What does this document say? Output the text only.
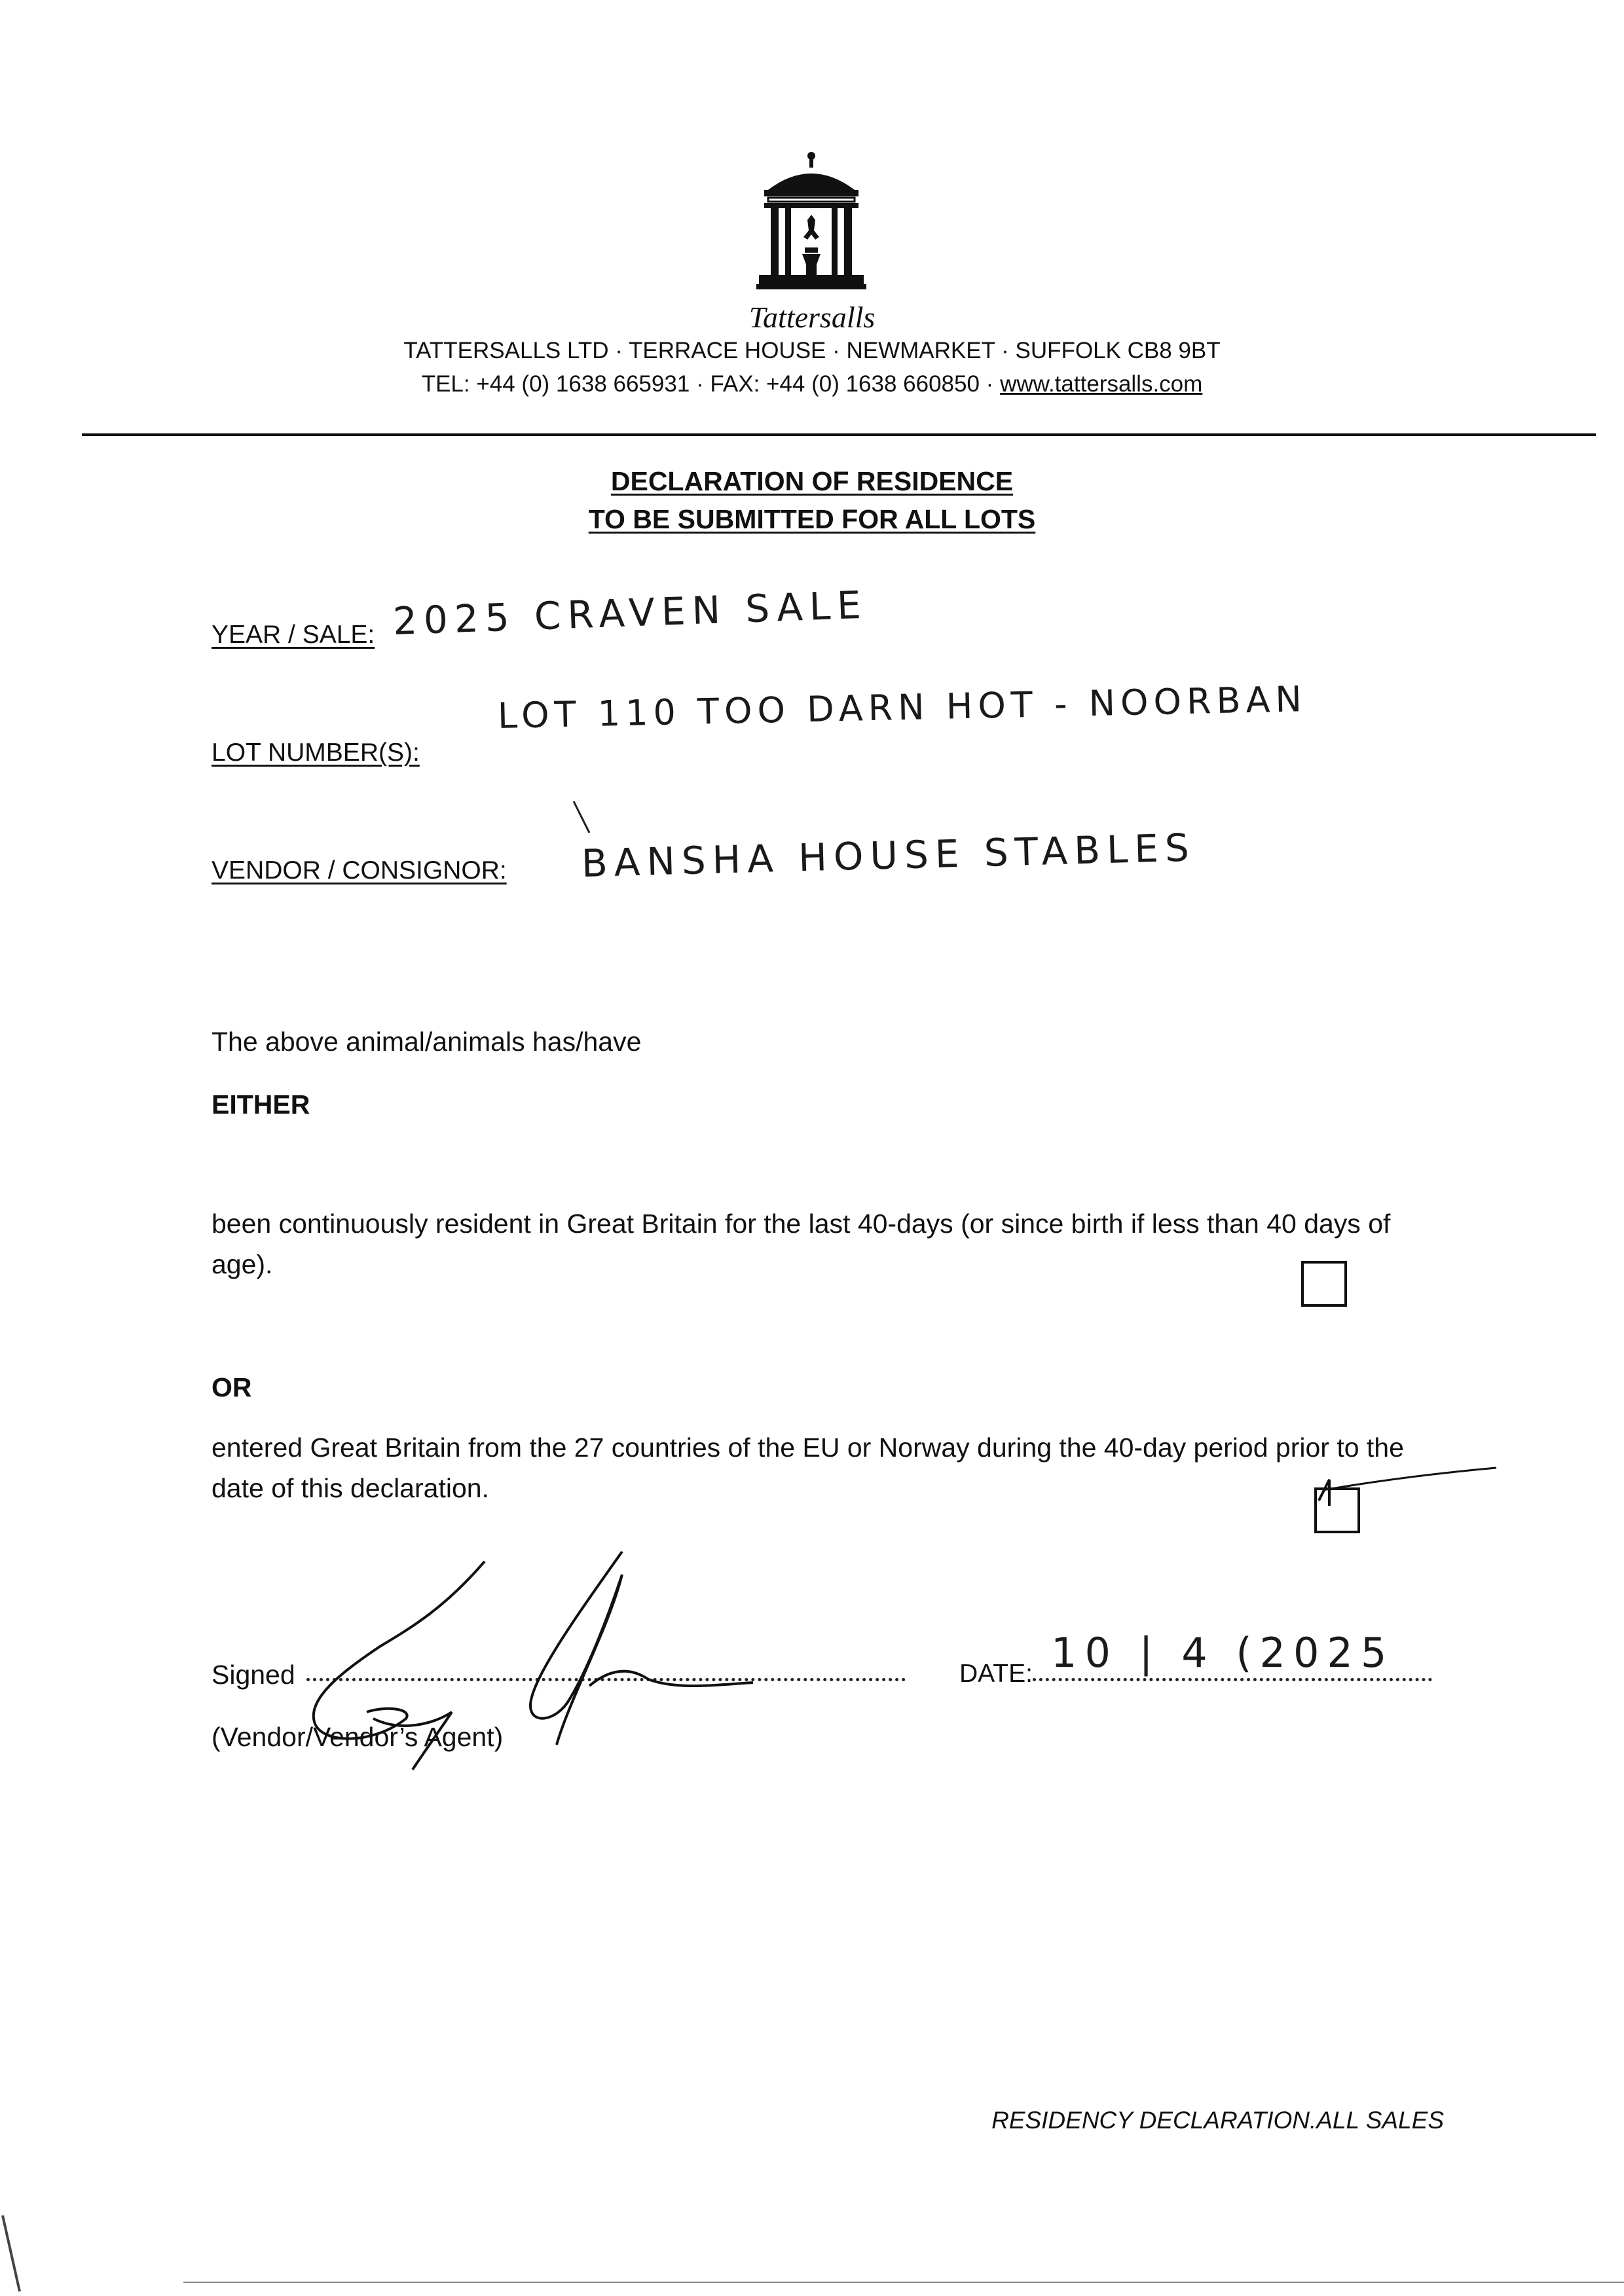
Tattersalls
TATTERSALLS LTD · TERRACE HOUSE · NEWMARKET · SUFFOLK CB8 9BT
TEL: +44 (0) 1638 665931 · FAX: +44 (0) 1638 660850 · www.tattersalls.com
DECLARATION OF RESIDENCE
TO BE SUBMITTED FOR ALL LOTS
YEAR / SALE: 2025 CRAVEN SALE
LOT NUMBER(S):
LOT 110 TOO DARN HOT - NOORBAN
VENDOR / CONSIGNOR: BANSHA HOUSE STABLES
The above animal/animals has/have
EITHER
been continuously resident in Great Britain for the last 40-days (or since birth if less than 40 days of age).
OR
entered Great Britain from the 27 countries of the EU or Norway during the 40-day period prior to the date of this declaration.
Signed
(Vendor/Vendor’s Agent)
DATE: 10 | 4 (2025
RESIDENCY DECLARATION.ALL SALES
